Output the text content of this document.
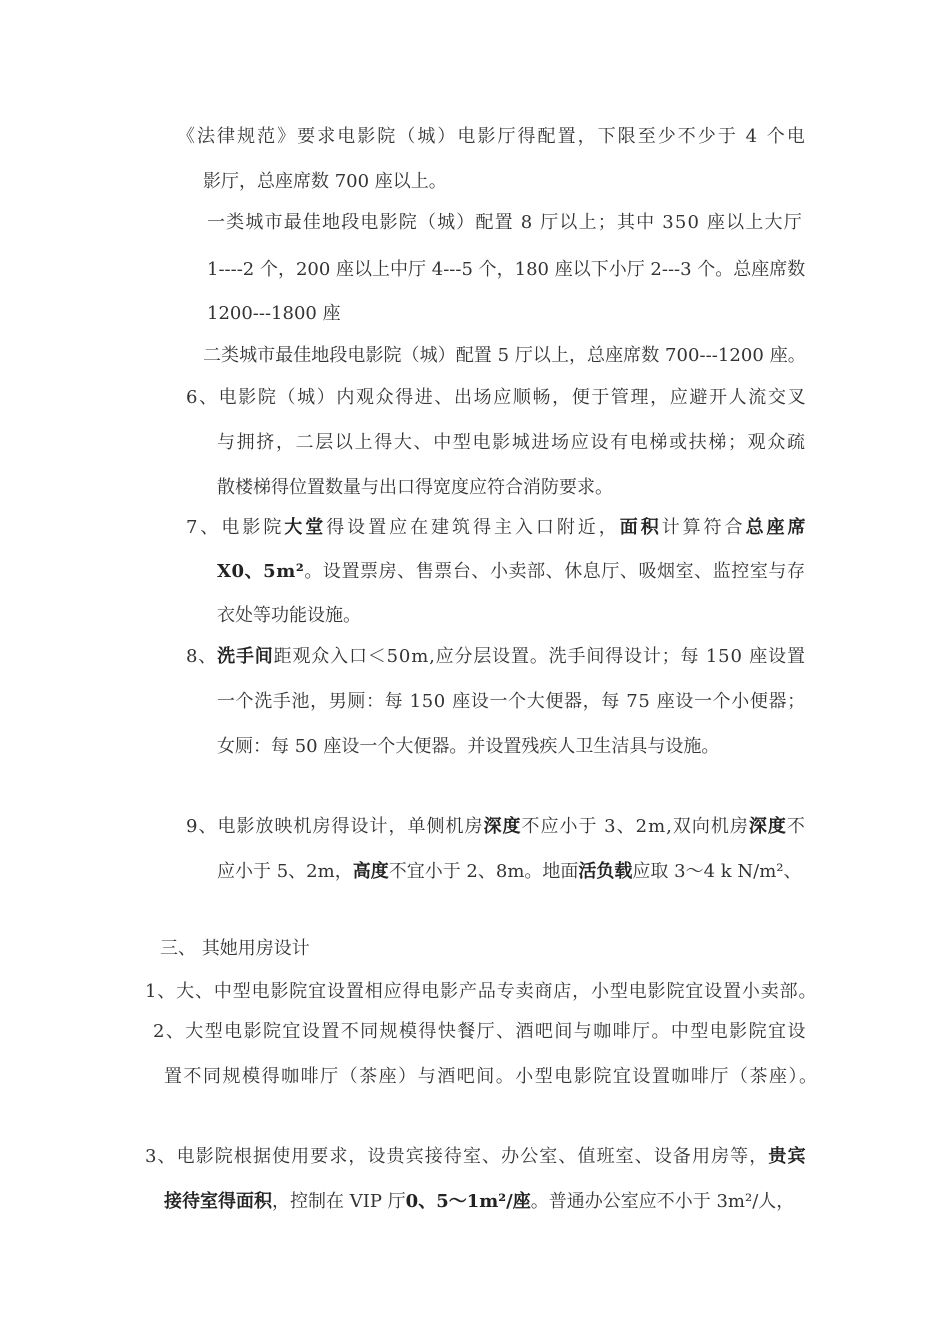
《法律规范》要求电影院（城）电影厅得配置，下限至少不少于 4 个电
影厅，总座席数 700 座以上。
一类城市最佳地段电影院（城）配置 8 厅以上；其中 350 座以上大厅
1----2 个，200 座以上中厅 4---5 个，180 座以下小厅 2---3 个。总座席数
1200---1800 座
二类城市最佳地段电影院（城）配置 5 厅以上，总座席数 700---1200 座。
6、电影院（城）内观众得进、出场应顺畅，便于管理，应避开人流交叉
与拥挤，二层以上得大、中型电影城进场应设有电梯或扶梯；观众疏
散楼梯得位置数量与出口得宽度应符合消防要求。
7、电影院大堂得设置应在建筑得主入口附近，面积计算符合总座席
X0、5m²。设置票房、售票台、小卖部、休息厅、吸烟室、监控室与存
衣处等功能设施。
8、洗手间距观众入口＜50m,应分层设置。洗手间得设计；每 150 座设置
一个洗手池，男厕：每 150 座设一个大便器，每 75 座设一个小便器；
女厕：每 50 座设一个大便器。并设置残疾人卫生洁具与设施。
9、电影放映机房得设计，单侧机房深度不应小于 3、2m,双向机房深度不
应小于 5、2m，高度不宜小于 2、8m。地面活负载应取 3～4 k N/m²、
三、 其她用房设计
1、大、中型电影院宜设置相应得电影产品专卖商店，小型电影院宜设置小卖部。
2、大型电影院宜设置不同规模得快餐厅、酒吧间与咖啡厅。中型电影院宜设
置不同规模得咖啡厅（茶座）与酒吧间。小型电影院宜设置咖啡厅（茶座）。
3、电影院根据使用要求，设贵宾接待室、办公室、值班室、设备用房等，贵宾
接待室得面积，控制在 VIP 厅0、5～1m²/座。普通办公室应不小于 3m²/人，
